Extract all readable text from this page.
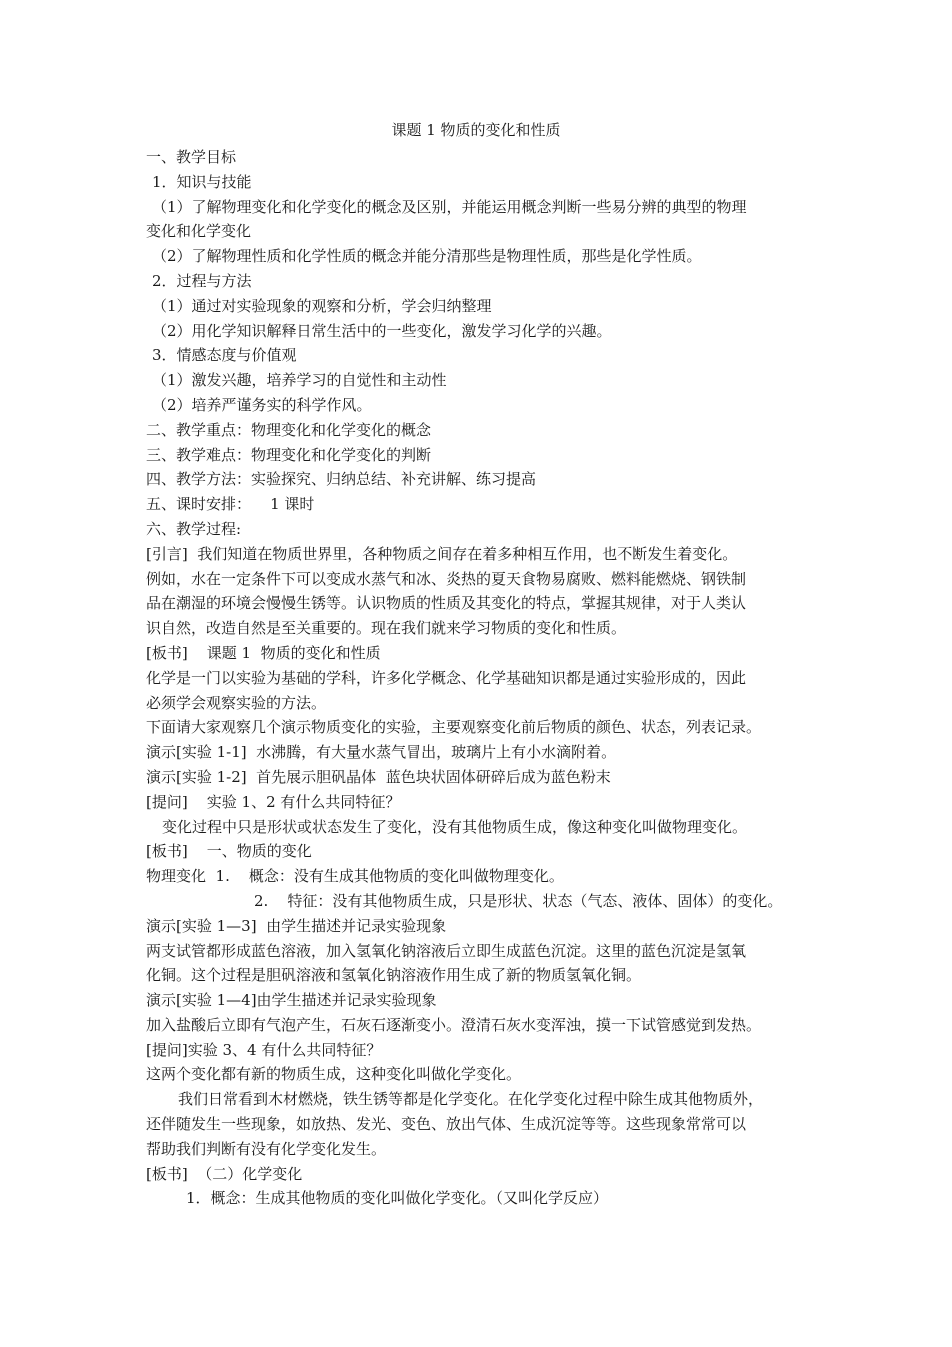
课题 1 物质的变化和性质
一、教学目标
1．知识与技能
（1）了解物理变化和化学变化的概念及区别，并能运用概念判断一些易分辨的典型的物理
变化和化学变化
（2）了解物理性质和化学性质的概念并能分清那些是物理性质，那些是化学性质。
2．过程与方法
（1）通过对实验现象的观察和分析，学会归纳整理
（2）用化学知识解释日常生活中的一些变化，激发学习化学的兴趣。
3．情感态度与价值观
（1）激发兴趣，培养学习的自觉性和主动性
（2）培养严谨务实的科学作风。
二、教学重点：物理变化和化学变化的概念
三、教学难点：物理变化和化学变化的判断
四、教学方法：实验探究、归纳总结、补充讲解、练习提高
五、课时安排：    1 课时
六、教学过程:
[引言]  我们知道在物质世界里，各种物质之间存在着多种相互作用，也不断发生着变化。
例如，水在一定条件下可以变成水蒸气和冰、炎热的夏天食物易腐败、燃料能燃烧、钢铁制
品在潮湿的环境会慢慢生锈等。认识物质的性质及其变化的特点，掌握其规律，对于人类认
识自然，改造自然是至关重要的。现在我们就来学习物质的变化和性质。
[板书]    课题 1  物质的变化和性质
化学是一门以实验为基础的学科，许多化学概念、化学基础知识都是通过实验形成的，因此
必须学会观察实验的方法。
下面请大家观察几个演示物质变化的实验，主要观察变化前后物质的颜色、状态，列表记录。
演示[实验 1-1]  水沸腾，有大量水蒸气冒出，玻璃片上有小水滴附着。
演示[实验 1-2]  首先展示胆矾晶体  蓝色块状固体研碎后成为蓝色粉末
[提问]    实验 1、2 有什么共同特征？
变化过程中只是形状或状态发生了变化，没有其他物质生成，像这种变化叫做物理变化。
[板书]    一、物质的变化
物理变化  1.    概念：没有生成其他物质的变化叫做物理变化。
2.    特征：没有其他物质生成，只是形状、状态（气态、液体、固体）的变化。
演示[实验 1—3]  由学生描述并记录实验现象
两支试管都形成蓝色溶液，加入氢氧化钠溶液后立即生成蓝色沉淀。这里的蓝色沉淀是氢氧
化铜。这个过程是胆矾溶液和氢氧化钠溶液作用生成了新的物质氢氧化铜。
演示[实验 1—4]由学生描述并记录实验现象
加入盐酸后立即有气泡产生，石灰石逐渐变小。澄清石灰水变浑浊，摸一下试管感觉到发热。
[提问]实验 3、4 有什么共同特征？
这两个变化都有新的物质生成，这种变化叫做化学变化。
我们日常看到木材燃烧，铁生锈等都是化学变化。在化学变化过程中除生成其他物质外，
还伴随发生一些现象，如放热、发光、变色、放出气体、生成沉淀等等。这些现象常常可以
帮助我们判断有没有化学变化发生。
[板书]  （二）化学变化
1．概念：生成其他物质的变化叫做化学变化。（又叫化学反应）
